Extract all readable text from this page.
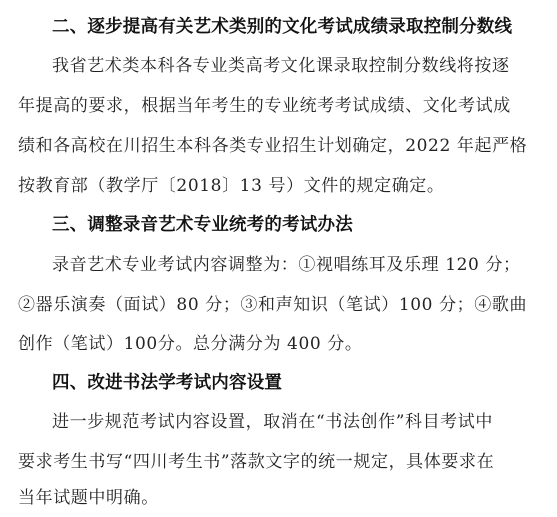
二、逐步提高有关艺术类别的文化考试成绩录取控制分数线
我省艺术类本科各专业类高考文化课录取控制分数线将按逐
年提高的要求，根据当年考生的专业统考考试成绩、文化考试成
绩和各高校在川招生本科各类专业招生计划确定，2022 年起严格
按教育部（教学厅〔2018〕13 号）文件的规定确定。
三、调整录音艺术专业统考的考试办法
录音艺术专业考试内容调整为：①视唱练耳及乐理 120 分；
②器乐演奏（面试）80 分；③和声知识（笔试）100 分；④歌曲
创作（笔试）100分。总分满分为 400 分。
四、改进书法学考试内容设置
进一步规范考试内容设置，取消在“书法创作”科目考试中
要求考生书写“四川考生书”落款文字的统一规定，具体要求在
当年试题中明确。
